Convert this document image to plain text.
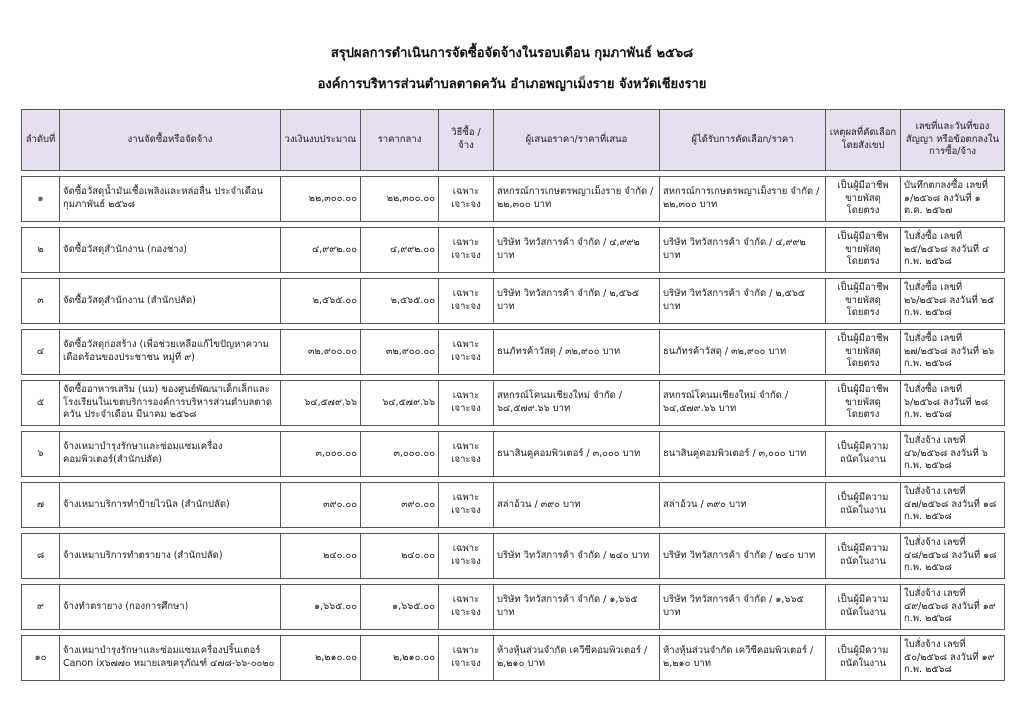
สรุปผลการดำเนินการจัดซื้อจัดจ้างในรอบเดือน กุมภาพันธ์ ๒๕๖๘
องค์การบริหารส่วนตำบลตาดควัน อำเภอพญาเม็งราย จังหวัดเชียงราย
ลำดับที่	งานจัดซื้อหรือจัดจ้าง	วงเงินงบประมาณ	ราคากลาง	วิธีซื้อ / จ้าง	ผู้เสนอราคา/ราคาที่เสนอ	ผู้ได้รับการคัดเลือก/ราคา	เหตุผลที่คัดเลือก โดยสังเขป	เลขที่และวันที่ของสัญญา หรือข้อตกลงในการซื้อ/จ้าง

๑	จัดซื้อวัสดุน้ำมันเชื้อเพลิงและหล่อลื่น ประจำเดือน กุมภาพันธ์ ๒๕๖๘	๒๒,๓๐๐.๐๐	๒๒,๓๐๐.๐๐	เฉพาะเจาะจง	สหกรณ์การเกษตรพญาเม็งราย จำกัด / ๒๒,๓๐๐ บาท	สหกรณ์การเกษตรพญาเม็งราย จำกัด / ๒๒,๓๐๐ บาท	เป็นผู้มีอาชีพขายพัสดุโดยตรง	บันทึกตกลงซื้อ เลขที่ ๑/๒๕๖๘ ลงวันที่ ๑ ต.ค. ๒๕๖๗

๒	จัดซื้อวัสดุสำนักงาน (กองช่าง)	๔,๙๙๒.๐๐	๔,๙๙๒.๐๐	เฉพาะเจาะจง	บริษัท วิทวัสการค้า จำกัด / ๔,๙๙๒ บาท	บริษัท วิทวัสการค้า จำกัด / ๔,๙๙๒ บาท	เป็นผู้มีอาชีพขายพัสดุโดยตรง	ใบสั่งซื้อ เลขที่ ๒๕/๒๕๖๘ ลงวันที่ ๔ ก.พ. ๒๕๖๘

๓	จัดซื้อวัสดุสำนักงาน (สำนักปลัด)	๒,๕๖๕.๐๐	๒,๕๖๕.๐๐	เฉพาะเจาะจง	บริษัท วิทวัสการค้า จำกัด / ๒,๕๖๕ บาท	บริษัท วิทวัสการค้า จำกัด / ๒,๕๖๕ บาท	เป็นผู้มีอาชีพขายพัสดุโดยตรง	ใบสั่งซื้อ เลขที่ ๒๖/๒๕๖๘ ลงวันที่ ๒๕ ก.พ. ๒๕๖๘

๔	จัดซื้อวัสดุก่อสร้าง (เพื่อช่วยเหลือแก้ไขปัญหาความเดือดร้อนของประชาชน หมู่ที่ ๙)	๓๒,๙๐๐.๐๐	๓๒,๙๐๐.๐๐	เฉพาะเจาะจง	ธนภัทรค้าวัสดุ / ๓๒,๙๐๐ บาท	ธนภัทรค้าวัสดุ / ๓๒,๙๐๐ บาท	เป็นผู้มีอาชีพขายพัสดุโดยตรง	ใบสั่งซื้อ เลขที่ ๒๗/๒๕๖๘ ลงวันที่ ๒๖ ก.พ. ๒๕๖๘

๕	จัดซื้ออาหารเสริม (นม) ของศูนย์พัฒนาเด็กเล็กและโรงเรียนในเขตบริการองค์การบริหารส่วนตำบลตาดควัน ประจำเดือน มีนาคม ๒๕๖๘	๖๔,๕๗๙.๖๖	๖๔,๕๗๙.๖๖	เฉพาะเจาะจง	สหกรณ์โคนมเชียงใหม่ จำกัด / ๖๔,๕๗๙.๖๖ บาท	สหกรณ์โคนมเชียงใหม่ จำกัด / ๖๔,๕๗๙.๖๖ บาท	เป็นผู้มีอาชีพขายพัสดุโดยตรง	ใบสั่งซื้อ เลขที่ ๖/๒๕๖๘ ลงวันที่ ๒๘ ก.พ. ๒๕๖๘

๖	จ้างเหมาบำรุงรักษาและซ่อมแซมเครื่องคอมพิวเตอร์(สำนักปลัด)	๓,๐๐๐.๐๐	๓,๐๐๐.๐๐	เฉพาะเจาะจง	ธนาสินคู่คอมพิวเตอร์ / ๓,๐๐๐ บาท	ธนาสินคู่คอมพิวเตอร์ / ๓,๐๐๐ บาท	เป็นผู้มีความถนัดในงาน	ใบสั่งจ้าง เลขที่ ๔๖/๒๕๖๘ ลงวันที่ ๖ ก.พ. ๒๕๖๘

๗	จ้างเหมาบริการทำป้ายไวนิล (สำนักปลัด)	๓๙๐.๐๐	๓๙๐.๐๐	เฉพาะเจาะจง	สล่าอ้วน / ๓๙๐ บาท	สล่าอ้วน / ๓๙๐ บาท	เป็นผู้มีความถนัดในงาน	ใบสั่งจ้าง เลขที่ ๔๗/๒๕๖๘ ลงวันที่ ๑๘ ก.พ. ๒๕๖๘

๘	จ้างเหมาบริการทำตรายาง (สำนักปลัด)	๒๔๐.๐๐	๒๔๐.๐๐	เฉพาะเจาะจง	บริษัท วิทวัสการค้า จำกัด / ๒๔๐ บาท	บริษัท วิทวัสการค้า จำกัด / ๒๔๐ บาท	เป็นผู้มีความถนัดในงาน	ใบสั่งจ้าง เลขที่ ๔๘/๒๕๖๘ ลงวันที่ ๑๘ ก.พ. ๒๕๖๘

๙	จ้างทำตรายาง (กองการศึกษา)	๑,๖๖๕.๐๐	๑,๖๖๕.๐๐	เฉพาะเจาะจง	บริษัท วิทวัสการค้า จำกัด / ๑,๖๖๕ บาท	บริษัท วิทวัสการค้า จำกัด / ๑,๖๖๕ บาท	เป็นผู้มีความถนัดในงาน	ใบสั่งจ้าง เลขที่ ๔๙/๒๕๖๘ ลงวันที่ ๑๙ ก.พ. ๒๕๖๘

๑๐	จ้างเหมาบำรุงรักษาและซ่อมแซมเครื่องปริ้นเตอร์ Canon ix๖๗๗๐ หมายเลขครุภัณฑ์ ๔๗๘-๖๖-๐๐๒๐	๒,๒๑๐.๐๐	๒,๒๑๐.๐๐	เฉพาะเจาะจง	ห้างหุ้นส่วนจำกัด เควีซีคอมพิวเตอร์ / ๒,๒๑๐ บาท	ห้างหุ้นส่วนจำกัด เควีซีคอมพิวเตอร์ / ๒,๒๑๐ บาท	เป็นผู้มีความถนัดในงาน	ใบสั่งจ้าง เลขที่ ๕๐/๒๕๖๘ ลงวันที่ ๑๙ ก.พ. ๒๕๖๘
